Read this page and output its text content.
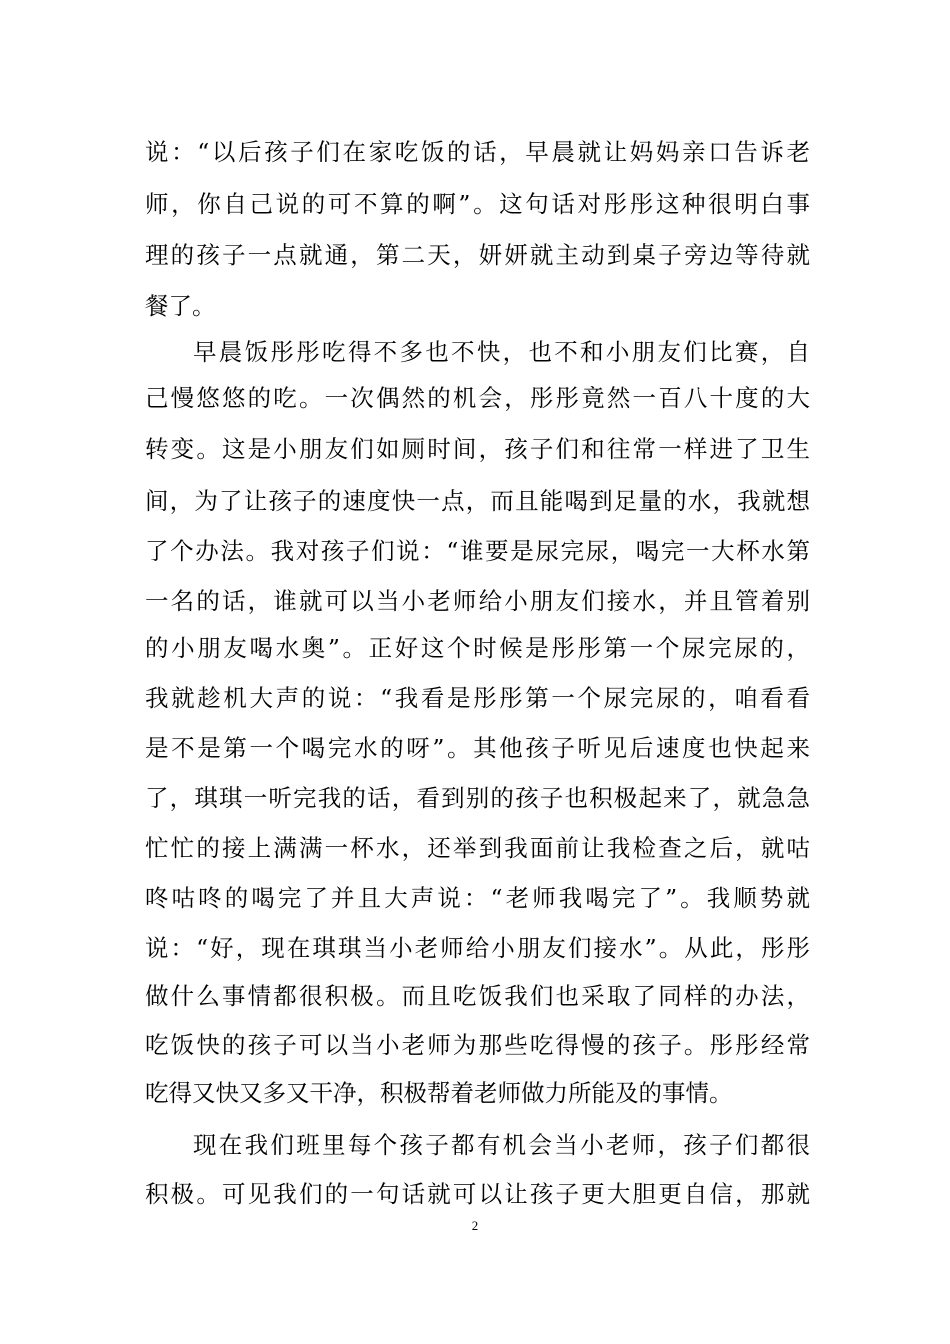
说：“以后孩子们在家吃饭的话，早晨就让妈妈亲口告诉老
师，你自己说的可不算的啊”。这句话对彤彤这种很明白事
理的孩子一点就通，第二天，妍妍就主动到桌子旁边等待就
餐了。
早晨饭彤彤吃得不多也不快，也不和小朋友们比赛，自
己慢悠悠的吃。一次偶然的机会，彤彤竟然一百八十度的大
转变。这是小朋友们如厕时间，孩子们和往常一样进了卫生
间，为了让孩子的速度快一点，而且能喝到足量的水，我就想
了个办法。我对孩子们说：“谁要是尿完尿，喝完一大杯水第
一名的话，谁就可以当小老师给小朋友们接水，并且管着别
的小朋友喝水奥”。正好这个时候是彤彤第一个尿完尿的，
我就趁机大声的说：“我看是彤彤第一个尿完尿的，咱看看
是不是第一个喝完水的呀”。其他孩子听见后速度也快起来
了，琪琪一听完我的话，看到别的孩子也积极起来了，就急急
忙忙的接上满满一杯水，还举到我面前让我检查之后，就咕
咚咕咚的喝完了并且大声说：“老师我喝完了”。我顺势就
说：“好，现在琪琪当小老师给小朋友们接水”。从此，彤彤
做什么事情都很积极。而且吃饭我们也采取了同样的办法，
吃饭快的孩子可以当小老师为那些吃得慢的孩子。彤彤经常
吃得又快又多又干净，积极帮着老师做力所能及的事情。
现在我们班里每个孩子都有机会当小老师，孩子们都很
积极。可见我们的一句话就可以让孩子更大胆更自信，那就
2
